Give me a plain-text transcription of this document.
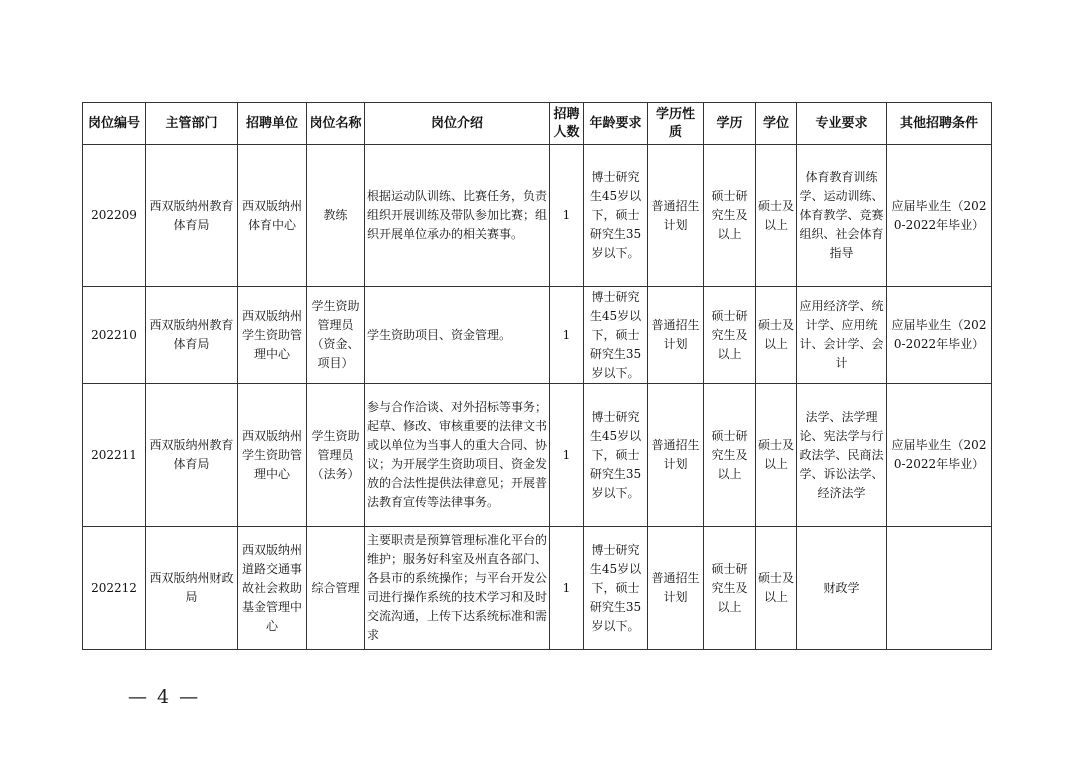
岗位编号	主管部门	招聘单位	岗位名称	岗位介绍	招聘人数	年龄要求	学历性质	学历	学位	专业要求	其他招聘条件
202209	西双版纳州教育体育局	西双版纳州体育中心	教练	根据运动队训练、比赛任务，负责组织开展训练及带队参加比赛；组织开展单位承办的相关赛事。	1	博士研究生45岁以下，硕士研究生35岁以下。	普通招生计划	硕士研究生及以上	硕士及以上	体育教育训练学、运动训练、体育教学、竞赛组织、社会体育指导	应届毕业生（2020-2022年毕业）
202210	西双版纳州教育体育局	西双版纳州学生资助管理中心	学生资助管理员（资金、项目）	学生资助项目、资金管理。	1	博士研究生45岁以下，硕士研究生35岁以下。	普通招生计划	硕士研究生及以上	硕士及以上	应用经济学、统计学、应用统计、会计学、会计	应届毕业生（2020-2022年毕业）
202211	西双版纳州教育体育局	西双版纳州学生资助管理中心	学生资助管理员（法务）	参与合作洽谈、对外招标等事务；起草、修改、审核重要的法律文书或以单位为当事人的重大合同、协议；为开展学生资助项目、资金发放的合法性提供法律意见；开展普法教育宣传等法律事务。	1	博士研究生45岁以下，硕士研究生35岁以下。	普通招生计划	硕士研究生及以上	硕士及以上	法学、法学理论、宪法学与行政法学、民商法学、诉讼法学、经济法学	应届毕业生（2020-2022年毕业）
202212	西双版纳州财政局	西双版纳州道路交通事故社会救助基金管理中心	综合管理	主要职责是预算管理标准化平台的维护；服务好科室及州直各部门、各县市的系统操作；与平台开发公司进行操作系统的技术学习和及时交流沟通，上传下达系统标准和需求	1	博士研究生45岁以下，硕士研究生35岁以下。	普通招生计划	硕士研究生及以上	硕士及以上	财政学	
— 4 —
